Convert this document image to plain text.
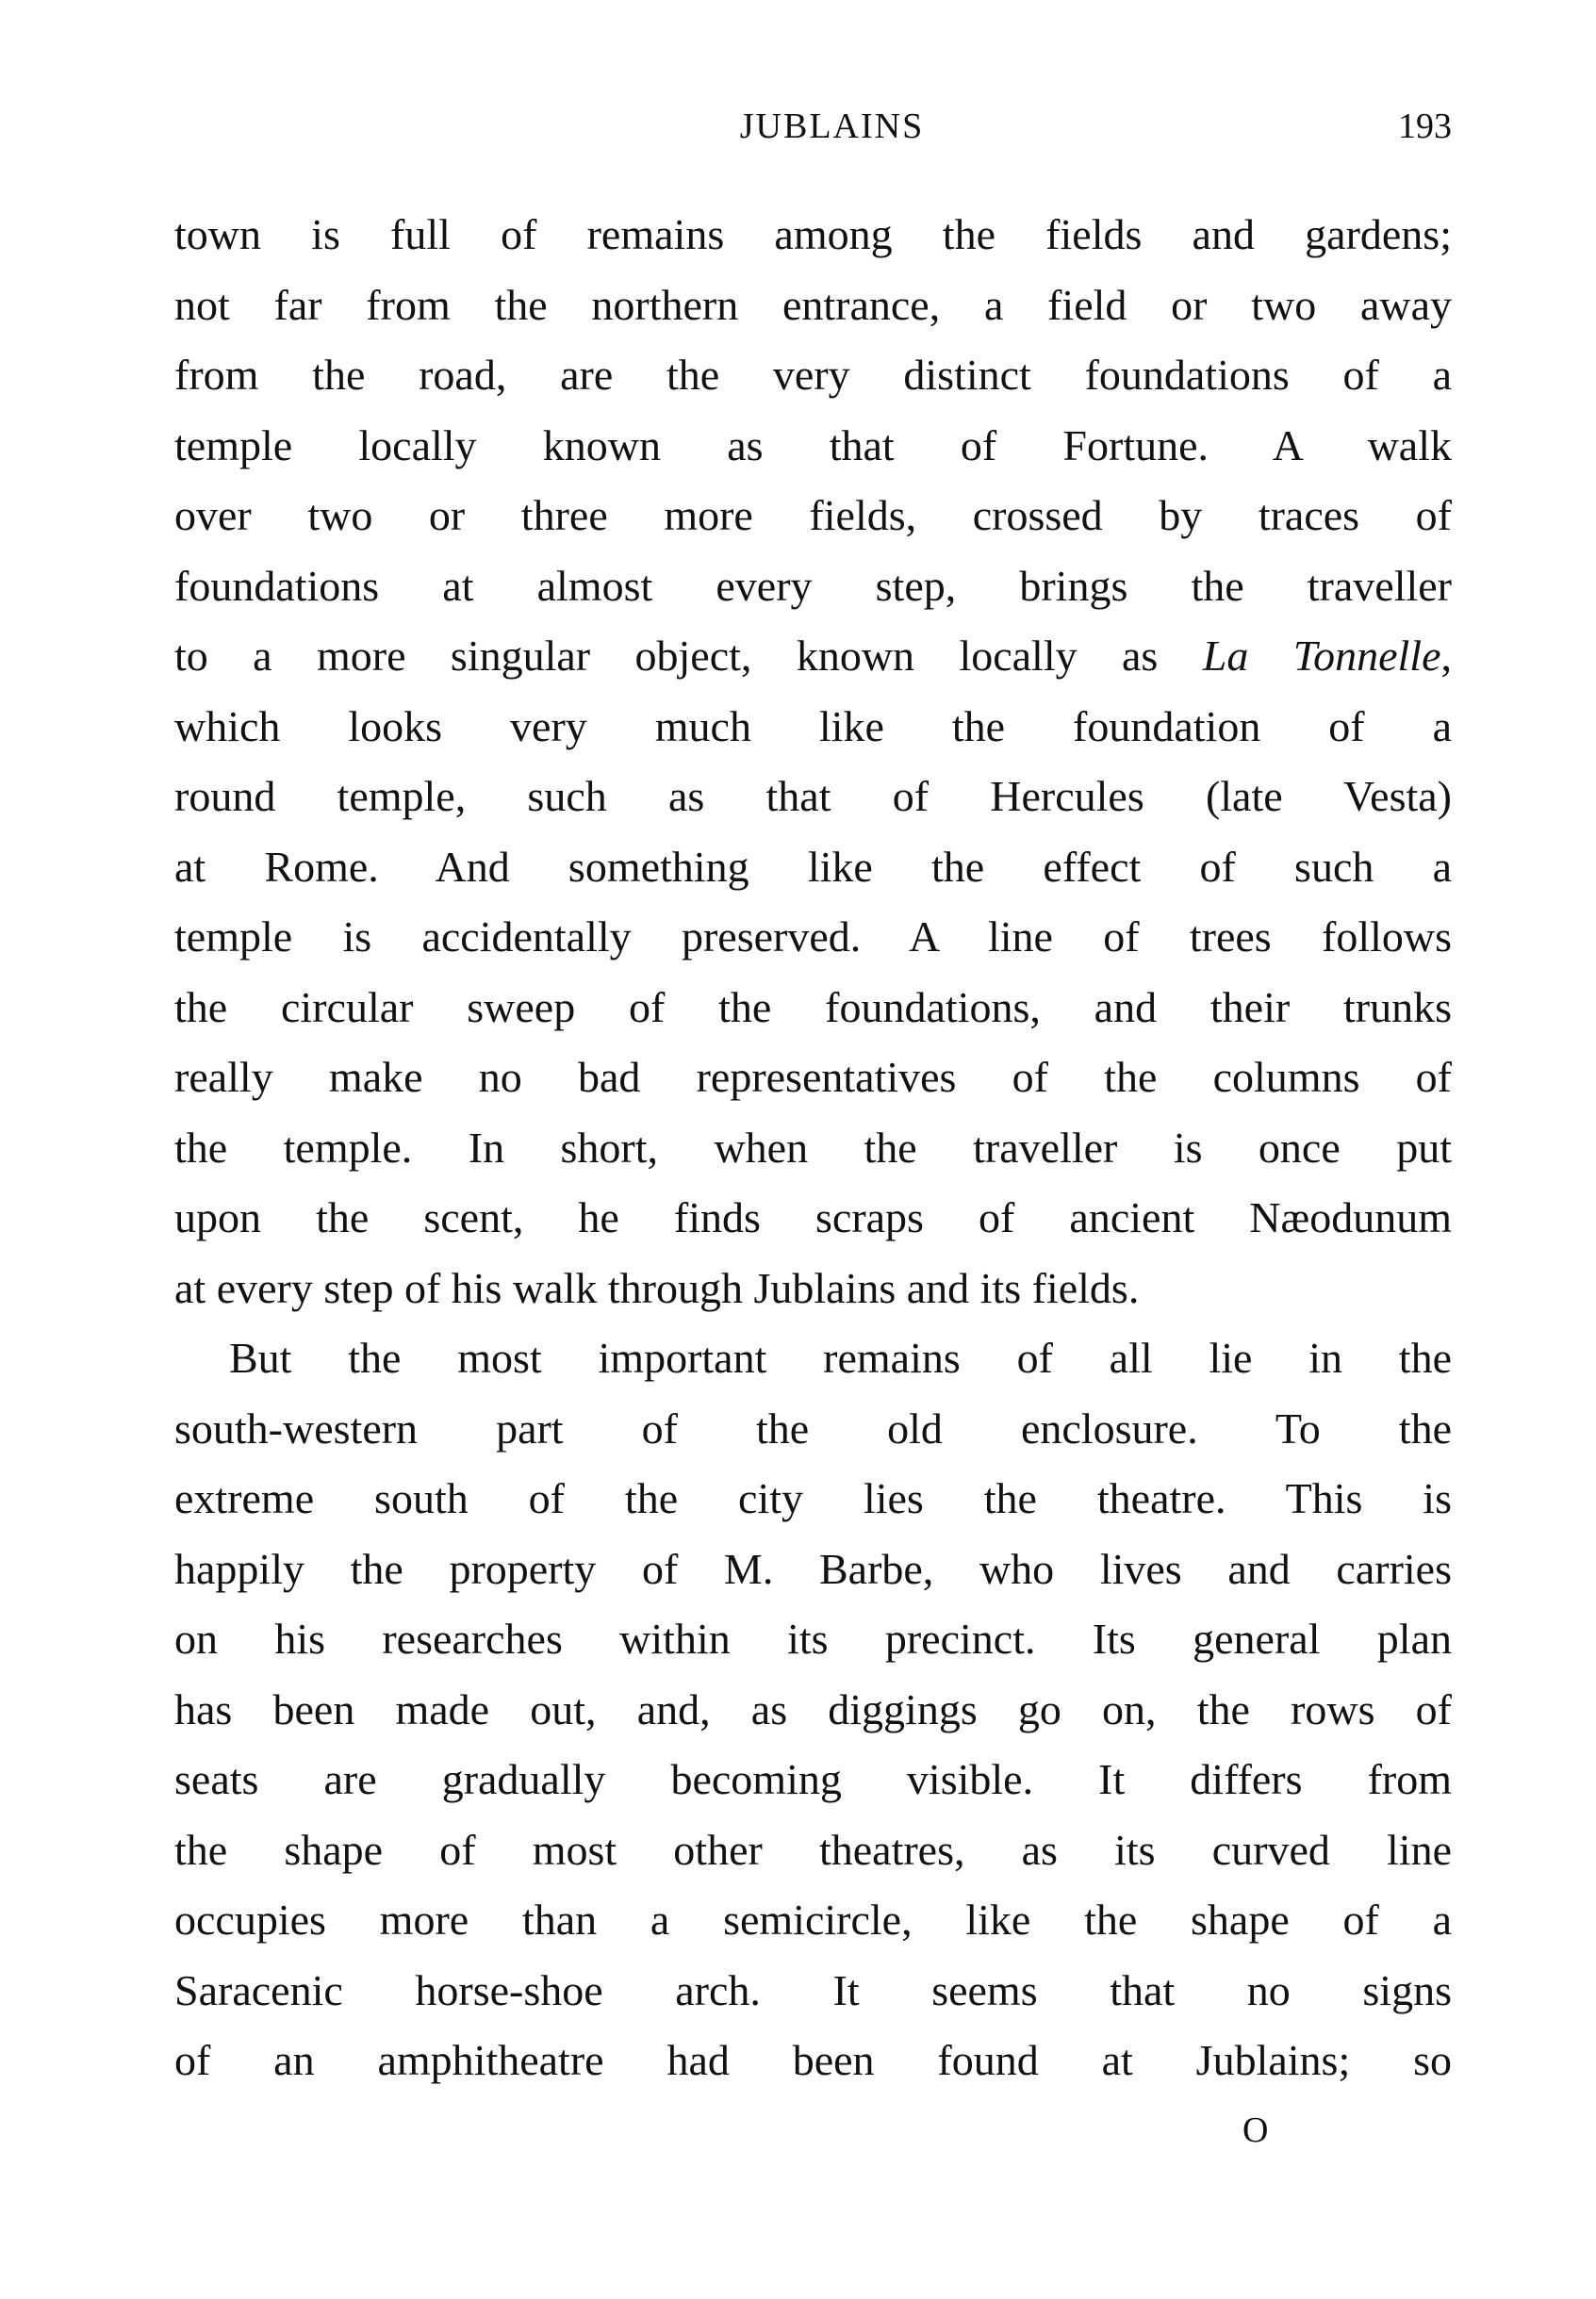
JUBLAINS	193
town is full of remains among the fields and gardens;
not far from the northern entrance, a field or two away
from the road, are the very distinct foundations of a
temple locally known as that of Fortune. A walk
over two or three more fields, crossed by traces of
foundations at almost every step, brings the traveller
to a more singular object, known locally as La Tonnelle,
which looks very much like the foundation of a
round temple, such as that of Hercules (late Vesta)
at Rome. And something like the effect of such a
temple is accidentally preserved. A line of trees follows
the circular sweep of the foundations, and their trunks
really make no bad representatives of the columns of
the temple. In short, when the traveller is once put
upon the scent, he finds scraps of ancient Næodunum
at every step of his walk through Jublains and its fields.
But the most important remains of all lie in the
south-western part of the old enclosure. To the
extreme south of the city lies the theatre. This is
happily the property of M. Barbe, who lives and carries
on his researches within its precinct. Its general plan
has been made out, and, as diggings go on, the rows of
seats are gradually becoming visible. It differs from
the shape of most other theatres, as its curved line
occupies more than a semicircle, like the shape of a
Saracenic horse-shoe arch. It seems that no signs
of an amphitheatre had been found at Jublains; so
O
